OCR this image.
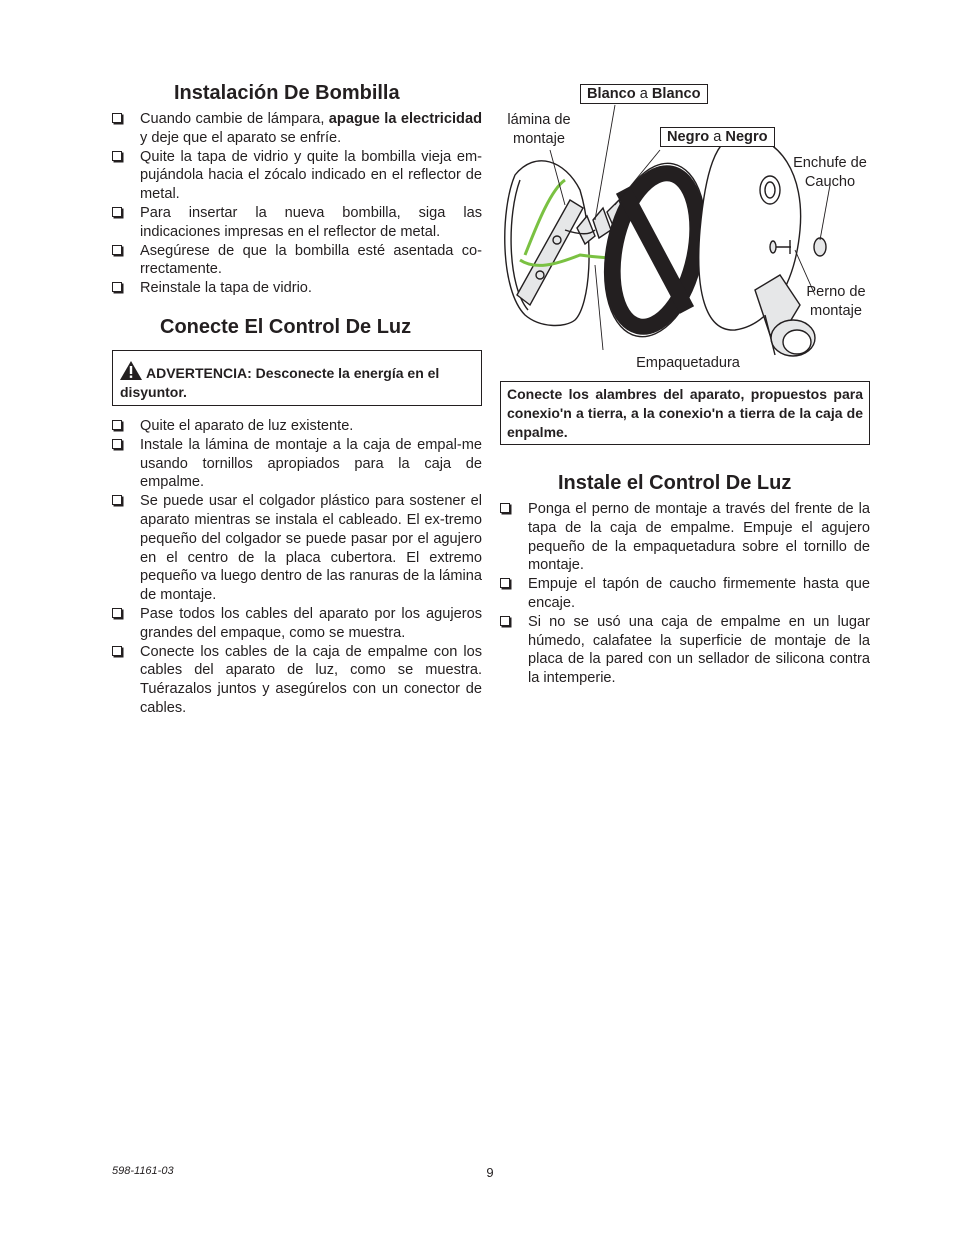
Instalación De Bombilla
Cuando cambie de lámpara, apague la electricidad y deje que el aparato se enfríe.
Quite la tapa de vidrio y quite la bombilla vieja em-pujándola hacia el zócalo indicado en el reflector de metal.
Para insertar la nueva bombilla, siga las indicaciones impresas en el reflector de metal.
Asegúrese de que la bombilla esté asentada co-rrectamente.
Reinstale la tapa de vidrio.
Conecte El Control De Luz
ADVERTENCIA: Desconecte la energía en el disyuntor.
Quite el aparato de luz existente.
Instale la lámina de montaje a la caja de empal-me usando tornillos apropiados para la caja de empalme.
Se puede usar el colgador plástico para sostener el aparato mientras se instala el cableado. El ex-tremo pequeño del colgador se puede pasar por el agujero en el centro de la placa cubertora. El extremo pequeño va luego dentro de las ranuras de la lámina de montaje.
Pase todos los cables del aparato por los agujeros grandes del empaque, como se muestra.
Conecte los cables de la caja de empalme con los cables del aparato de luz, como se muestra. Tuérazalos juntos y asegúrelos con un conector de cables.
Blanco a Blanco
Negro a Negro
lámina de
montaje
Enchufe de
Caucho
Perno de
montaje
Empaquetadura
Conecte los alambres del aparato, propuestos para conexio'n a tierra, a la conexio'n a tierra de la caja de enpalme.
Instale el Control De Luz
Ponga el perno de montaje a través del frente de la tapa de la caja de empalme. Empuje el agujero pequeño de la empaquetadura sobre el tornillo de montaje.
Empuje el tapón de caucho firmemente hasta que encaje.
Si no se usó una caja de empalme en un lugar húmedo, calafatee la superficie de montaje de la placa de la pared con un sellador de silicona contra la intemperie.
598-1161-03	9
